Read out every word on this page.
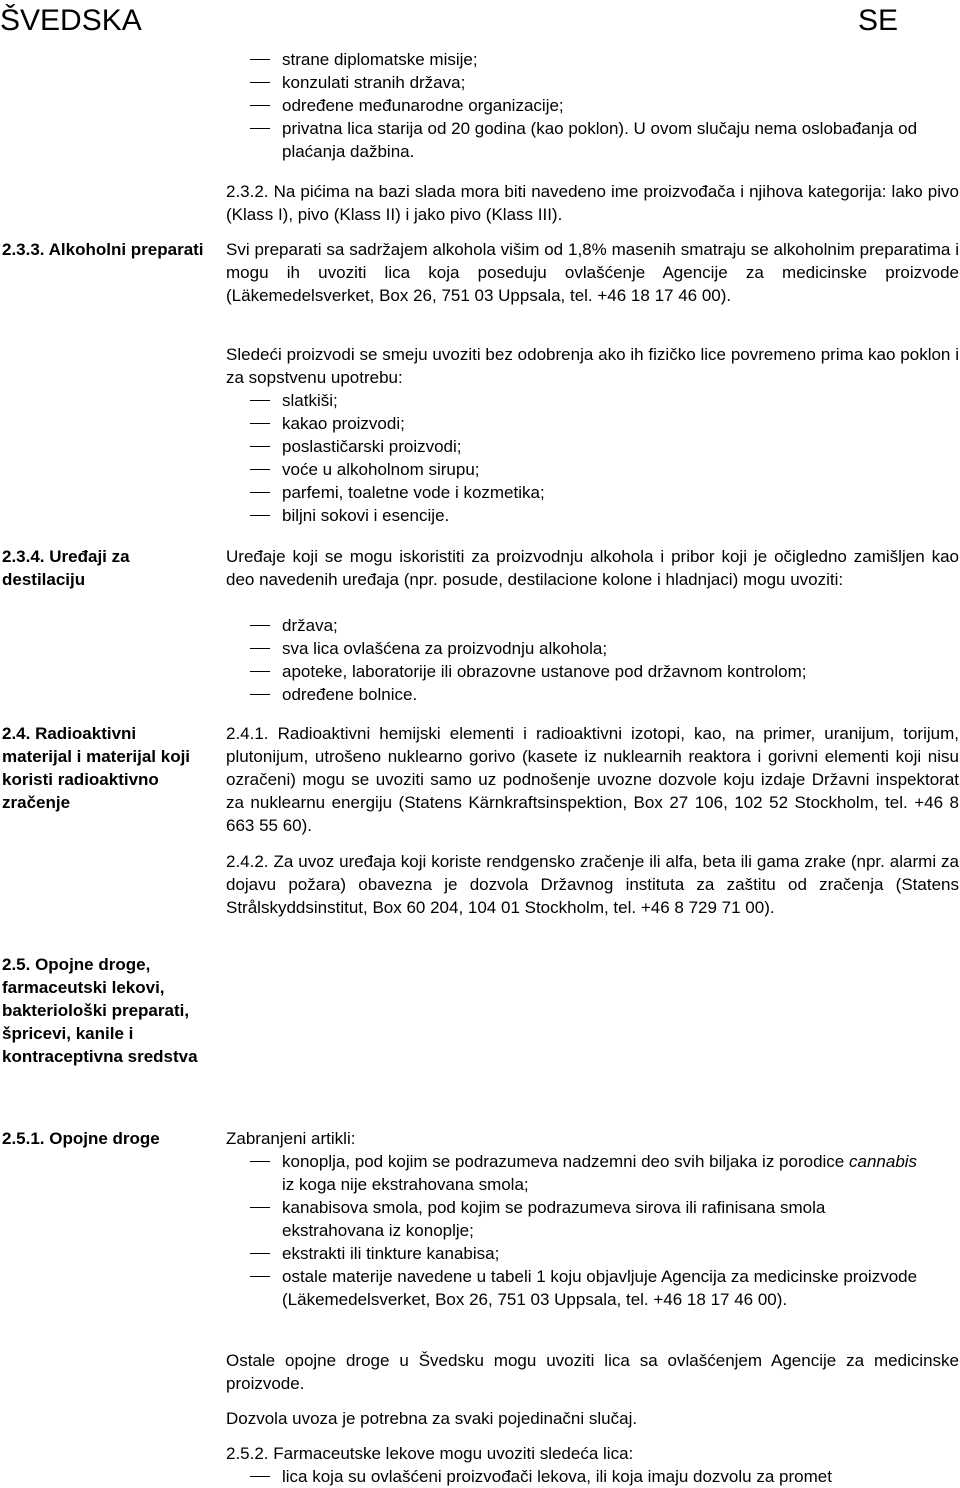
ŠVEDSKA	SE
strane diplomatske misije;
konzulati stranih država;
određene međunarodne organizacije;
privatna lica starija od 20 godina (kao poklon). U ovom slučaju nema oslobađanja od plaćanja dažbina.
2.3.2. Na pićima na bazi slada mora biti navedeno ime proizvođača i njihova kategorija: lako pivo (Klass I), pivo (Klass II) i jako pivo (Klass III).
2.3.3. Alkoholni preparati Svi preparati sa sadržajem alkohola višim od 1,8% masenih smatraju se alkoholnim preparatima i mogu ih uvoziti lica koja poseduju ovlašćenje Agencije za medicinske proizvode (Läkemedelsverket, Box 26, 751 03 Uppsala, tel. +46 18 17 46 00).
Sledeći proizvodi se smeju uvoziti bez odobrenja ako ih fizičko lice povremeno prima kao poklon i za sopstvenu upotrebu:
slatkiši;
kakao proizvodi;
poslastičarski proizvodi;
voće u alkoholnom sirupu;
parfemi, toaletne vode i kozmetika;
biljni sokovi i esencije.
2.3.4. Uređaji za destilaciju
Uređaje koji se mogu iskoristiti za proizvodnju alkohola i pribor koji je očigledno zamišljen kao deo navedenih uređaja (npr. posude, destilacione kolone i hladnjaci) mogu uvoziti:
država;
sva lica ovlašćena za proizvodnju alkohola;
apoteke, laboratorije ili obrazovne ustanove pod državnom kontrolom;
određene bolnice.
2.4. Radioaktivni materijal i materijal koji koristi radioaktivno zračenje
2.4.1. Radioaktivni hemijski elementi i radioaktivni izotopi, kao, na primer, uranijum, torijum, plutonijum, utrošeno nuklearno gorivo (kasete iz nuklearnih reaktora i gorivni elementi koji nisu ozračeni) mogu se uvoziti samo uz podnošenje uvozne dozvole koju izdaje Državni inspektorat za nuklearnu energiju (Statens Kärnkraftsinspektion, Box 27 106, 102 52 Stockholm, tel. +46 8 663 55 60).
2.4.2. Za uvoz uređaja koji koriste rendgensko zračenje ili alfa, beta ili gama zrake (npr. alarmi za dojavu požara) obavezna je dozvola Državnog instituta za zaštitu od zračenja (Statens Strålskyddsinstitut, Box 60 204, 104 01 Stockholm, tel. +46 8 729 71 00).
2.5. Opojne droge, farmaceutski lekovi, bakteriološki preparati, špricevi, kanile i kontraceptivna sredstva
2.5.1. Opojne droge	Zabranjeni artikli:
konoplja, pod kojim se podrazumeva nadzemni deo svih biljaka iz porodice cannabis iz koga nije ekstrahovana smola;
kanabisova smola, pod kojim se podrazumeva sirova ili rafinisana smola ekstrahovana iz konoplje;
ekstrakti ili tinkture kanabisa;
ostale materije navedene u tabeli 1 koju objavljuje Agencija za medicinske proizvode (Läkemedelsverket, Box 26, 751 03 Uppsala, tel. +46 18 17 46 00).
Ostale opojne droge u Švedsku mogu uvoziti lica sa ovlašćenjem Agencije za medicinske proizvode.
Dozvola uvoza je potrebna za svaki pojedinačni slučaj.
2.5.2. Farmaceutske lekove mogu uvoziti sledeća lica:
lica koja su ovlašćeni proizvođači lekova, ili koja imaju dozvolu za promet
